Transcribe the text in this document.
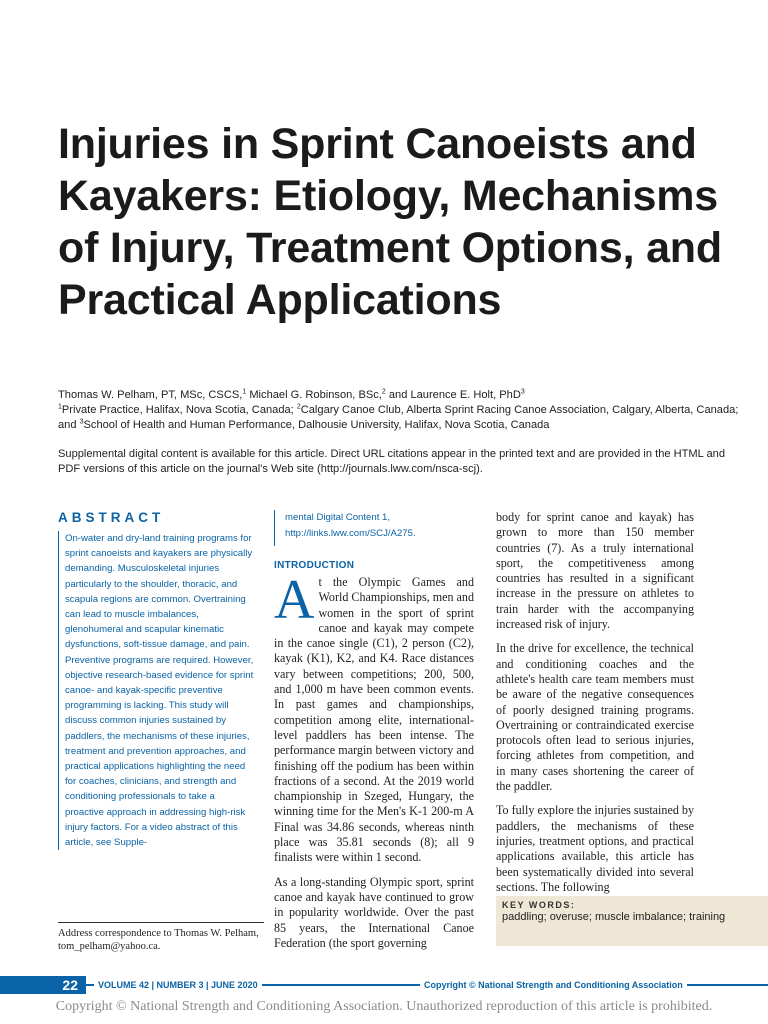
Injuries in Sprint Canoeists and Kayakers: Etiology, Mechanisms of Injury, Treatment Options, and Practical Applications
Thomas W. Pelham, PT, MSc, CSCS,$^1$ Michael G. Robinson, BSc,$^2$ and Laurence E. Holt, PhD$^3$
$^1$Private Practice, Halifax, Nova Scotia, Canada; $^2$Calgary Canoe Club, Alberta Sprint Racing Canoe Association, Calgary, Alberta, Canada; and $^3$School of Health and Human Performance, Dalhousie University, Halifax, Nova Scotia, Canada

Supplemental digital content is available for this article. Direct URL citations appear in the printed text and are provided in the HTML and PDF versions of this article on the journal's Web site (http://journals.lww.com/nsca-scj).

ABSTRACT

On-water and dry-land training programs for sprint canoeists and kayakers are physically demanding. Musculoskeletal injuries particularly to the shoulder, thoracic, and scapula regions are common. Overtraining can lead to muscle imbalances, glenohumeral and scapular kinematic dysfunctions, soft-tissue damage, and pain. Preventive programs are required. However, objective research-based evidence for sprint canoe- and kayak-specific preventive programming is lacking. This study will discuss common injuries sustained by paddlers, the mechanisms of these injuries, treatment and prevention approaches, and practical applications highlighting the need for coaches, clinicians, and strength and conditioning professionals to take a proactive approach in addressing high-risk injury factors. For a video abstract of this article, see Supple-

Address correspondence to Thomas W. Pelham, tom_pelham@yahoo.ca.

mental Digital Content 1, http://links.lww.com/SCJ/A275.

INTRODUCTION

At the Olympic Games and World Championships, men and women in the sport of sprint canoe and kayak may compete in the canoe single (C1), 2 person (C2), kayak (K1), K2, and K4. Race distances vary between competitions; 200, 500, and 1,000 m have been common events. In past games and championships, competition among elite, international-level paddlers has been intense. The performance margin between victory and finishing off the podium has been within fractions of a second. At the 2019 world championship in Szeged, Hungary, the winning time for the Men's K-1 200-m A Final was 34.86 seconds, whereas ninth place was 35.81 seconds (8); all 9 finalists were within 1 second.

As a long-standing Olympic sport, sprint canoe and kayak have continued to grow in popularity worldwide. Over the past 85 years, the International Canoe Federation (the sport governing

body for sprint canoe and kayak) has grown to more than 150 member countries (7). As a truly international sport, the competitiveness among countries has resulted in a significant increase in the pressure on athletes to train harder with the accompanying increased risk of injury.

In the drive for excellence, the technical and conditioning coaches and the athlete's health care team members must be aware of the negative consequences of poorly designed training programs. Overtraining or contraindicated exercise protocols often lead to serious injuries, forcing athletes from competition, and in many cases shortening the career of the paddler.

To fully explore the injuries sustained by paddlers, the mechanisms of these injuries, treatment options, and practical applications available, this article has been systematically divided into several sections. The following

KEY WORDS:
paddling; overuse; muscle imbalance; training
22	VOLUME 42 | NUMBER 3 | JUNE 2020	Copyright © National Strength and Conditioning Association
Copyright © National Strength and Conditioning Association. Unauthorized reproduction of this article is prohibited.
